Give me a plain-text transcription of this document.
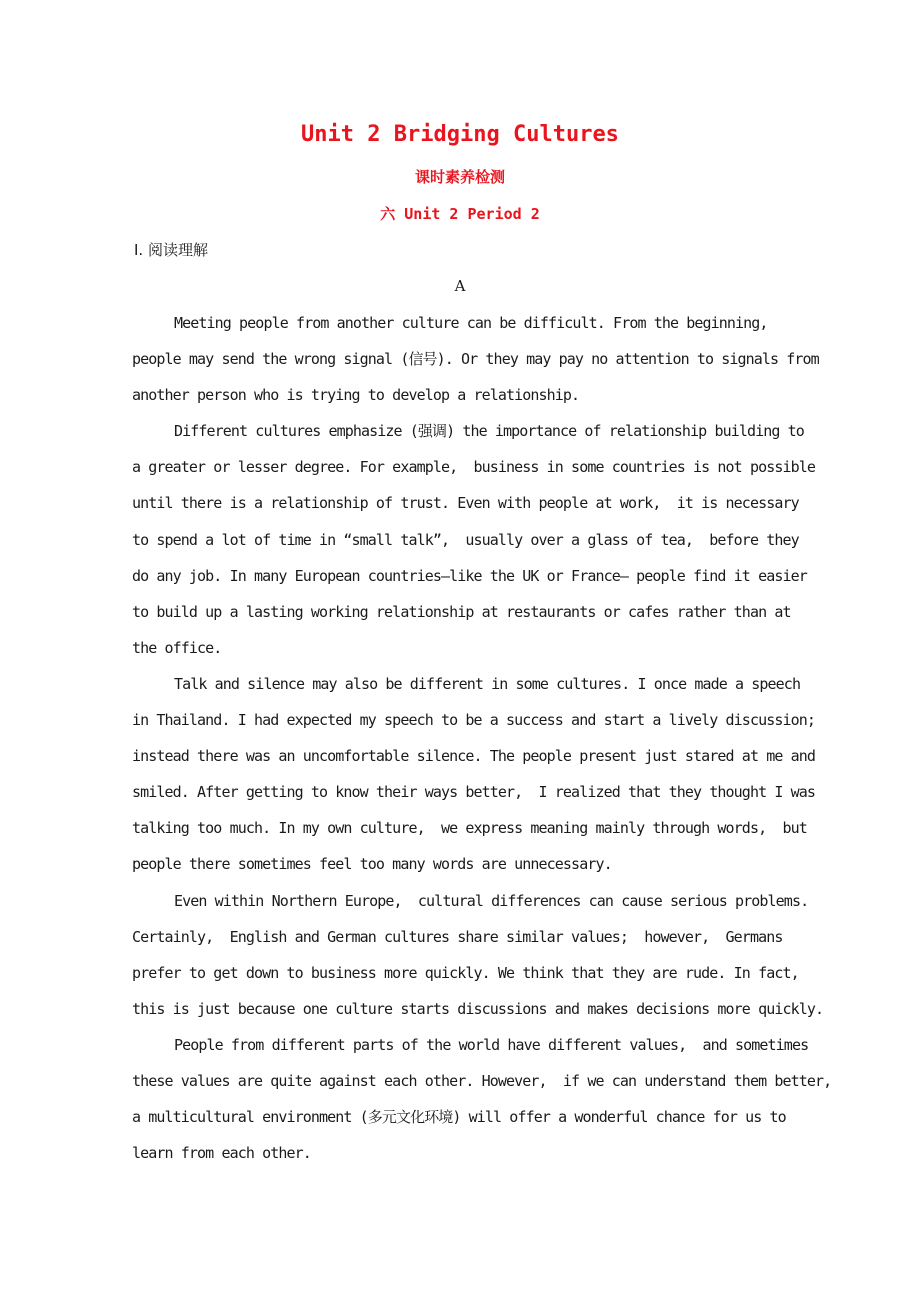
Unit 2 Bridging Cultures
课时素养检测
六 Unit 2 Period 2
Ⅰ. 阅读理解
A
Meeting people from another culture can be difficult. From the beginning,
people may send the wrong signal (信号). Or they may pay no attention to signals from
another person who is trying to develop a relationship.
Different cultures emphasize (强调) the importance of relationship building to
a greater or lesser degree. For example,  business in some countries is not possible
until there is a relationship of trust. Even with people at work,  it is necessary
to spend a lot of time in “small talk”,  usually over a glass of tea,  before they
do any job. In many European countries—like the UK or France— people find it easier
to build up a lasting working relationship at restaurants or cafes rather than at
the office.
Talk and silence may also be different in some cultures. I once made a speech
in Thailand. I had expected my speech to be a success and start a lively discussion;
instead there was an uncomfortable silence. The people present just stared at me and
smiled. After getting to know their ways better,  I realized that they thought I was
talking too much. In my own culture,  we express meaning mainly through words,  but
people there sometimes feel too many words are unnecessary.
Even within Northern Europe,  cultural differences can cause serious problems.
Certainly,  English and German cultures share similar values;  however,  Germans
prefer to get down to business more quickly. We think that they are rude. In fact,
this is just because one culture starts discussions and makes decisions more quickly.
People from different parts of the world have different values,  and sometimes
these values are quite against each other. However,  if we can understand them better,
a multicultural environment (多元文化环境) will offer a wonderful chance for us to
learn from each other.
